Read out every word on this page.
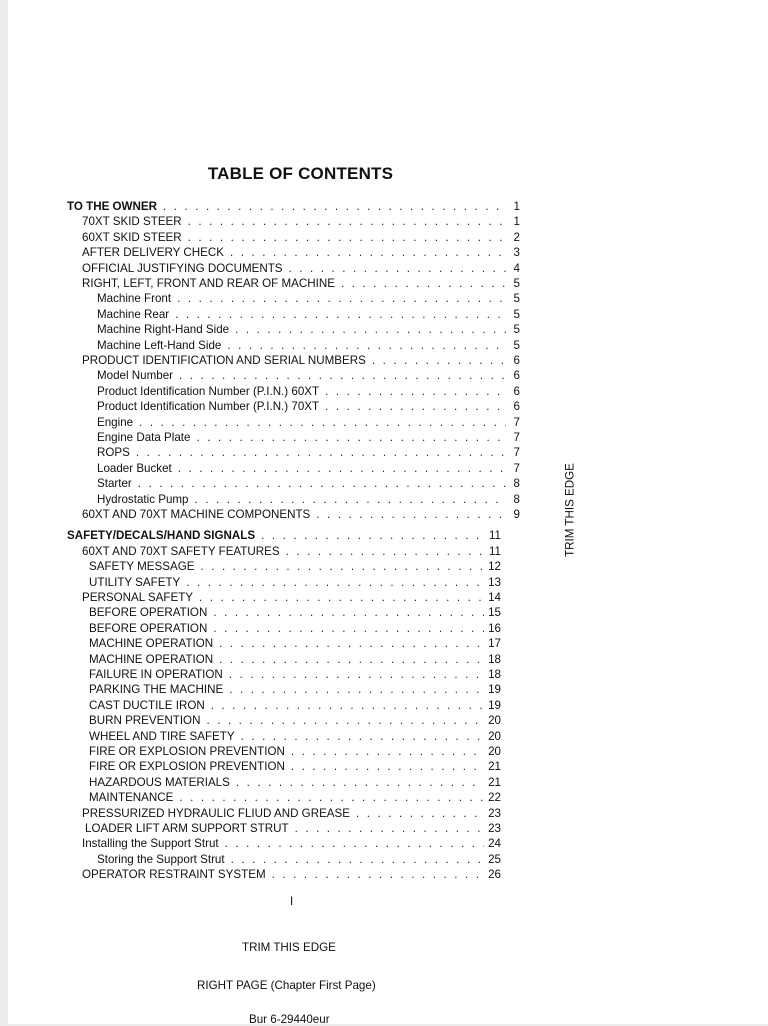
TABLE OF CONTENTS
TO THE OWNER . . .	1
70XT SKID STEER . . .	1
60XT SKID STEER . . .	2
AFTER DELIVERY CHECK . . .	3
OFFICIAL JUSTIFYING DOCUMENTS . . .	4
RIGHT, LEFT, FRONT AND REAR OF MACHINE . . .	5
Machine Front . . .	5
Machine Rear . . .	5
Machine Right-Hand Side . . .	5
Machine Left-Hand Side . . .	5
PRODUCT IDENTIFICATION AND SERIAL NUMBERS . . .	6
Model Number . . .	6
Product Identification Number (P.I.N.) 60XT . . .	6
Product Identification Number (P.I.N.) 70XT . . .	6
Engine . . .	7
Engine Data Plate . . .	7
ROPS . . .	7
Loader Bucket . . .	7
Starter . . .	8
Hydrostatic Pump . . .	8
60XT AND 70XT MACHINE COMPONENTS . . .	9
SAFETY/DECALS/HAND SIGNALS . . .	11
60XT AND 70XT SAFETY FEATURES . . .	11
SAFETY MESSAGE . . .	12
UTILITY SAFETY . . .	13
PERSONAL SAFETY . . .	14
BEFORE OPERATION . . .	15
BEFORE OPERATION . . .	16
MACHINE OPERATION . . .	17
MACHINE OPERATION . . .	18
FAILURE IN OPERATION . . .	18
PARKING THE MACHINE . . .	19
CAST DUCTILE IRON . . .	19
BURN PREVENTION . . .	20
WHEEL AND TIRE SAFETY . . .	20
FIRE OR EXPLOSION PREVENTION . . .	20
FIRE OR EXPLOSION PREVENTION . . .	21
HAZARDOUS MATERIALS . . .	21
MAINTENANCE . . .	22
PRESSURIZED HYDRAULIC FLIUD AND GREASE . . .	23
LOADER LIFT ARM SUPPORT STRUT . . .	23
Installing the Support Strut . . .	24
Storing the Support Strut . . .	25
OPERATOR RESTRAINT SYSTEM . . .	26
TRIM THIS EDGE
I
TRIM THIS EDGE
RIGHT PAGE (Chapter First Page)
Bur 6-29440eur
